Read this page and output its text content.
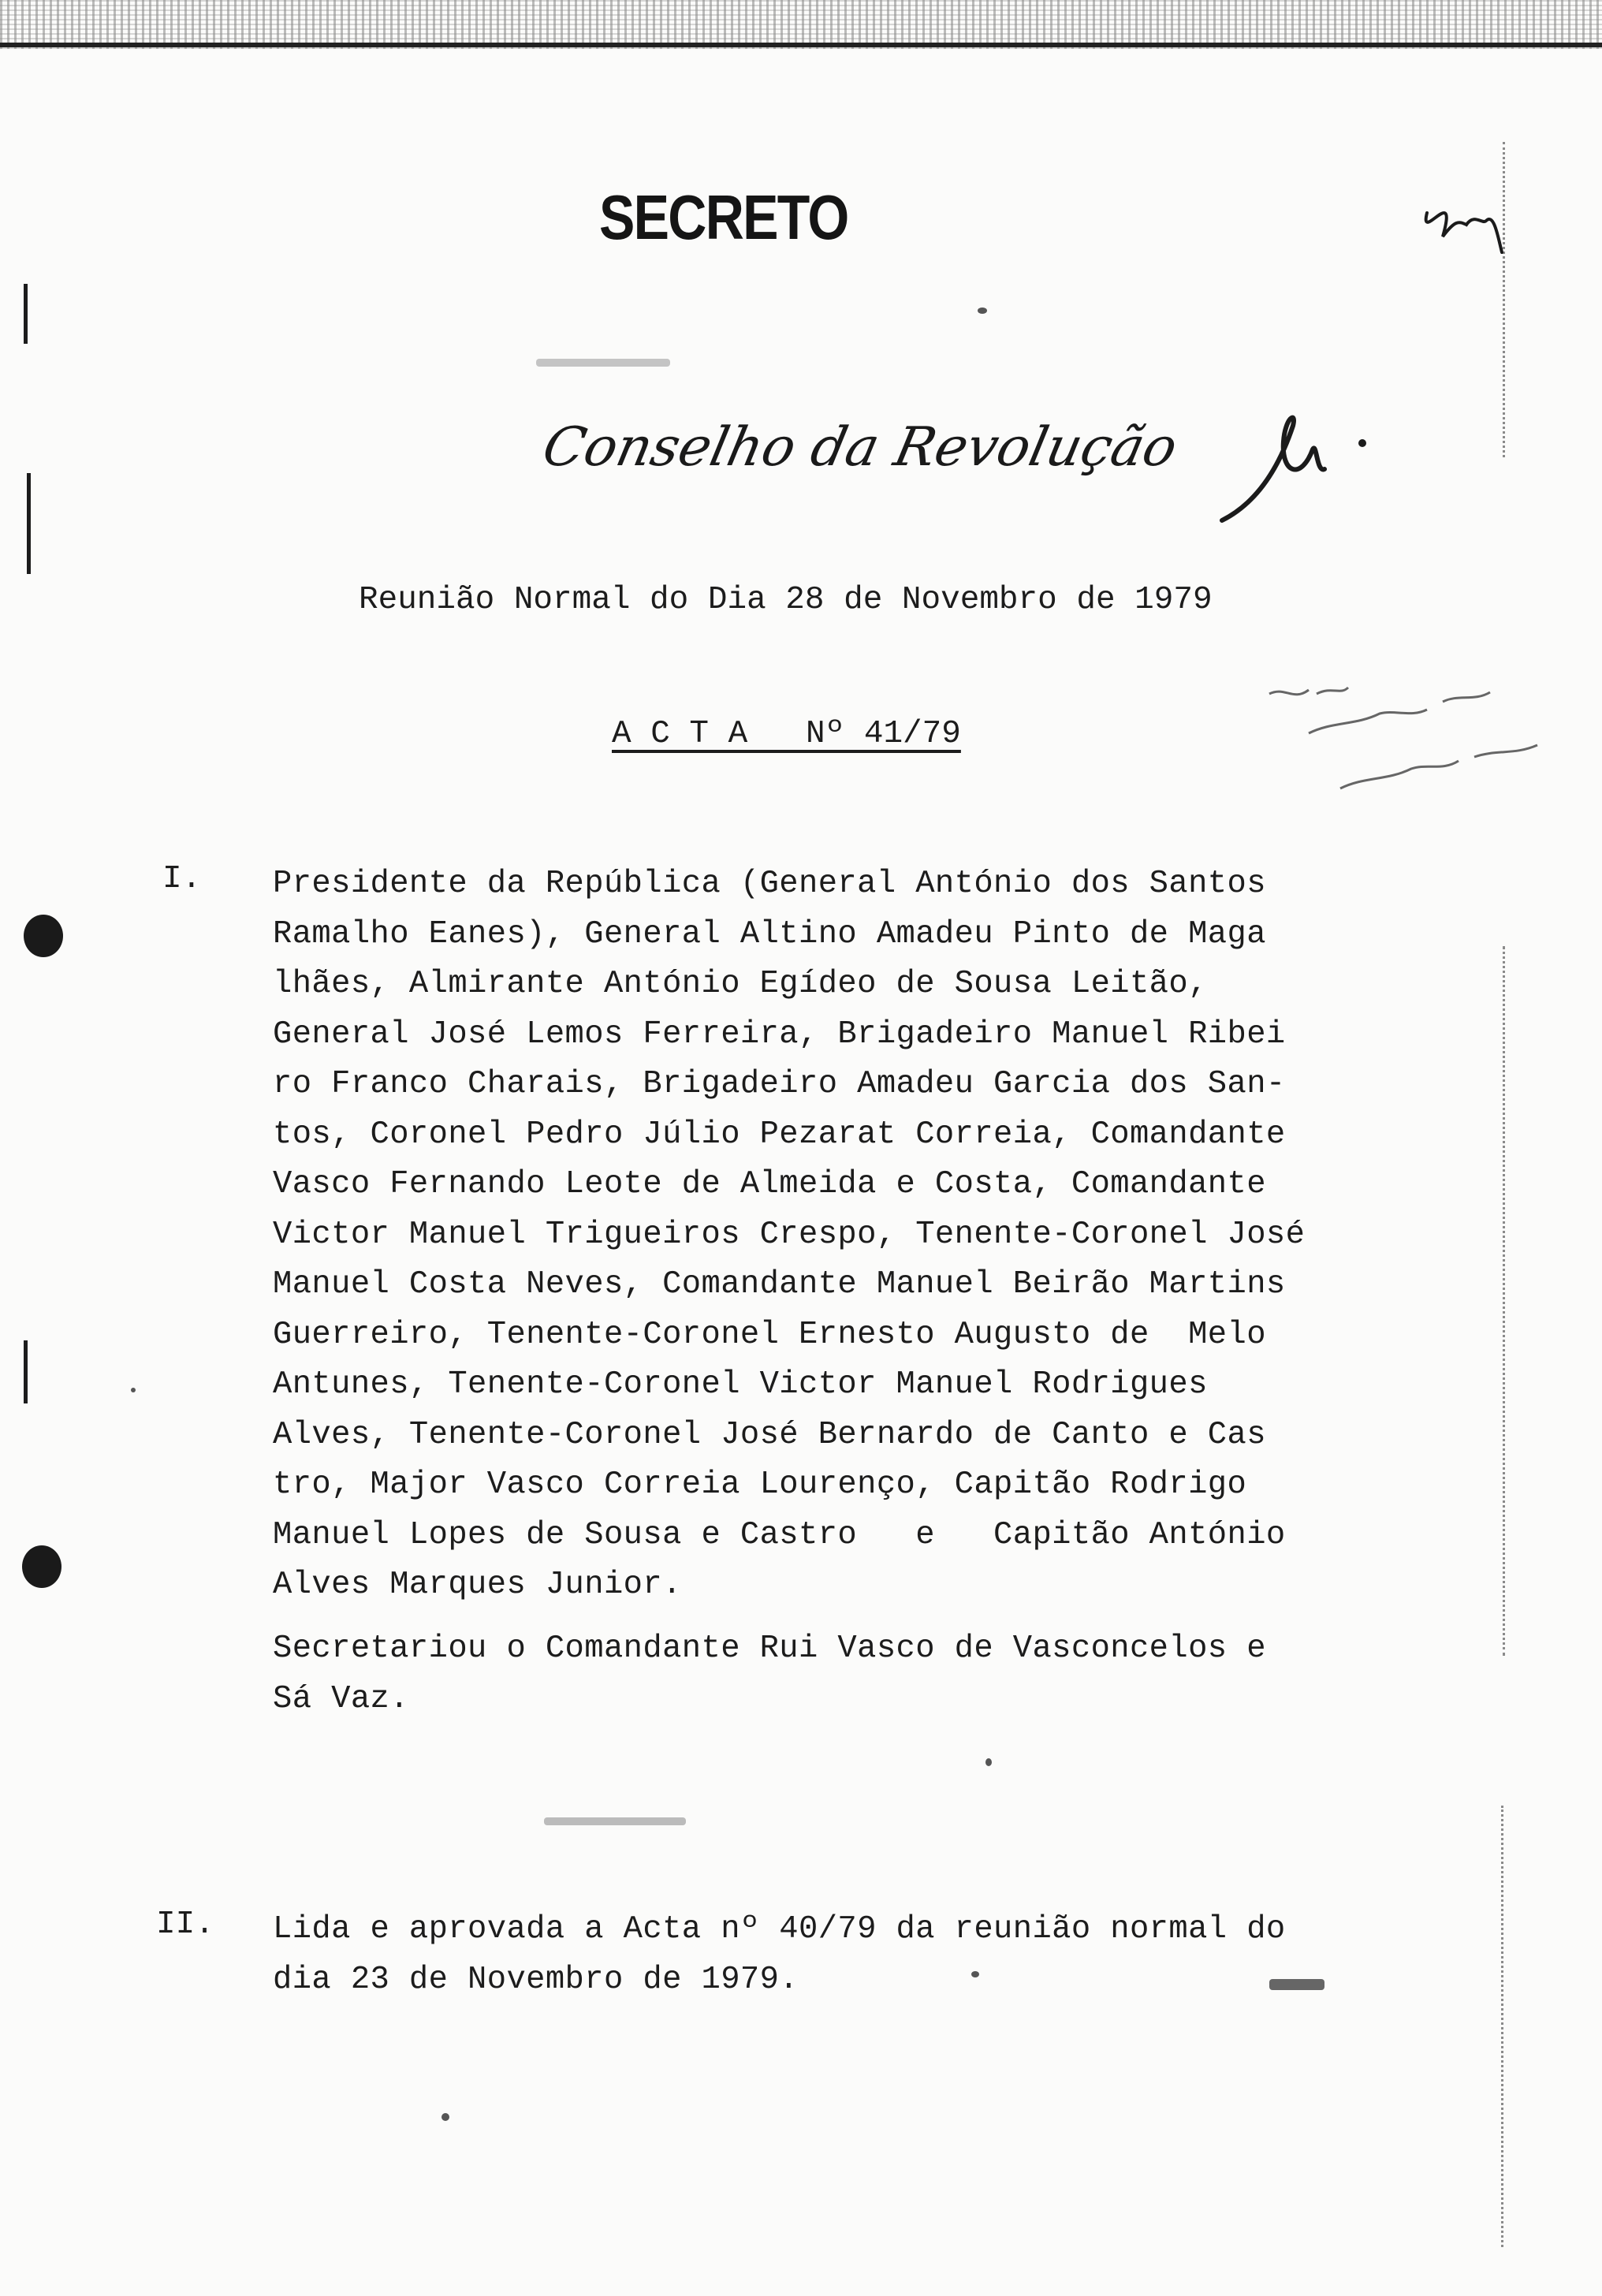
SECRETO
Conselho da Revolução
Reunião Normal do Dia 28 de Novembro de 1979
A C T A   Nº 41/79
I. Presidente da República (General António dos Santos
Ramalho Eanes), General Altino Amadeu Pinto de Maga
lhães, Almirante António Egídeo de Sousa Leitão,
General José Lemos Ferreira, Brigadeiro Manuel Ribei
ro Franco Charais, Brigadeiro Amadeu Garcia dos San-
tos, Coronel Pedro Júlio Pezarat Correia, Comandante
Vasco Fernando Leote de Almeida e Costa, Comandante
Victor Manuel Trigueiros Crespo, Tenente-Coronel José
Manuel Costa Neves, Comandante Manuel Beirão Martins
Guerreiro, Tenente-Coronel Ernesto Augusto de  Melo
Antunes, Tenente-Coronel Victor Manuel Rodrigues
Alves, Tenente-Coronel José Bernardo de Canto e Cas
tro, Major Vasco Correia Lourenço, Capitão Rodrigo
Manuel Lopes de Sousa e Castro   e   Capitão António
Alves Marques Junior.
Secretariou o Comandante Rui Vasco de Vasconcelos e
Sá Vaz.
II. Lida e aprovada a Acta nº 40/79 da reunião normal do
dia 23 de Novembro de 1979.
